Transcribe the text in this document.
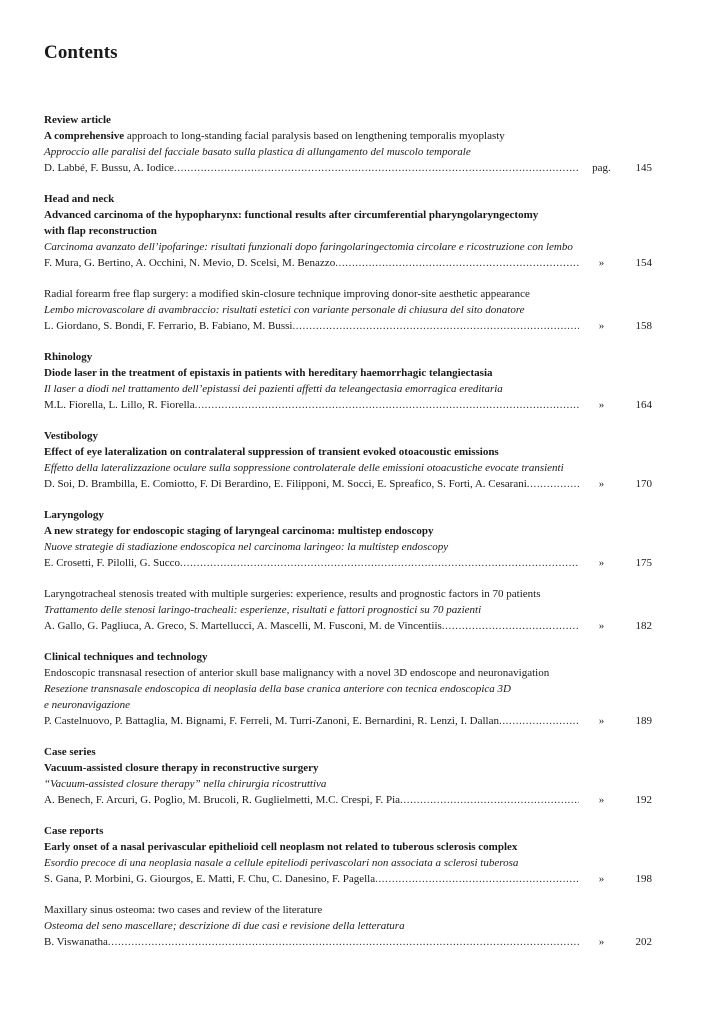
Contents
Review article
A comprehensive approach to long-standing facial paralysis based on lengthening temporalis myoplasty
Approccio alle paralisi del facciale basato sulla plastica di allungamento del muscolo temporale
D. Labbé, F. Bussu, A. Iodice .....	pag.	145
Head and neck
Advanced carcinoma of the hypopharynx: functional results after circumferential pharyngolaryngectomy
with flap reconstruction
Carcinoma avanzato dell’ipofaringe: risultati funzionali dopo faringolaringectomia circolare e ricostruzione con lembo
F. Mura, G. Bertino, A. Occhini, N. Mevio, D. Scelsi, M. Benazzo .....	»	154
Radial forearm free flap surgery: a modified skin-closure technique improving donor-site aesthetic appearance
Lembo microvascolare di avambraccio: risultati estetici con variante personale di chiusura del sito donatore
L. Giordano, S. Bondi, F. Ferrario, B. Fabiano, M. Bussi .....	»	158
Rhinology
Diode laser in the treatment of epistaxis in patients with hereditary haemorrhagic telangiectasia
Il laser a diodi nel trattamento dell’epistassi dei pazienti affetti da teleangectasia emorragica ereditaria
M.L. Fiorella, L. Lillo, R. Fiorella .....	»	164
Vestibology
Effect of eye lateralization on contralateral suppression of transient evoked otoacoustic emissions
Effetto della lateralizzazione oculare sulla soppressione controlaterale delle emissioni otoacustiche evocate transienti
D. Soi, D. Brambilla, E. Comiotto, F. Di Berardino, E. Filipponi, M. Socci, E. Spreafico, S. Forti, A. Cesarani .....	»	170
Laryngology
A new strategy for endoscopic staging of laryngeal carcinoma: multistep endoscopy
Nuove strategie di stadiazione endoscopica nel carcinoma laringeo: la multistep endoscopy
E. Crosetti, F. Pilolli, G. Succo .....	»	175
Laryngotracheal stenosis treated with multiple surgeries: experience, results and prognostic factors in 70 patients
Trattamento delle stenosi laringo-tracheali: esperienze, risultati e fattori prognostici su 70 pazienti
A. Gallo, G. Pagliuca, A. Greco, S. Martellucci, A. Mascelli, M. Fusconi, M. de Vincentiis .....	»	182
Clinical techniques and technology
Endoscopic transnasal resection of anterior skull base malignancy with a novel 3D endoscope and neuronavigation
Resezione transnasale endoscopica di neoplasia della base cranica anteriore con tecnica endoscopica 3D
e neuronavigazione
P. Castelnuovo, P. Battaglia, M. Bignami, F. Ferreli, M. Turri-Zanoni, E. Bernardini, R. Lenzi, I. Dallan .....	»	189
Case series
Vacuum-assisted closure therapy in reconstructive surgery
“Vacuum-assisted closure therapy” nella chirurgia ricostruttiva
A. Benech, F. Arcuri, G. Poglio, M. Brucoli, R. Guglielmetti, M.C. Crespi, F. Pia .....	»	192
Case reports
Early onset of a nasal perivascular epithelioid cell neoplasm not related to tuberous sclerosis complex
Esordio precoce di una neoplasia nasale a cellule epiteliodi perivascolari non associata a sclerosi tuberosa
S. Gana, P. Morbini, G. Giourgos, E. Matti, F. Chu, C. Danesino, F. Pagella .....	»	198
Maxillary sinus osteoma: two cases and review of the literature
Osteoma del seno mascellare; descrizione di due casi e revisione della letteratura
B. Viswanatha .....	»	202
